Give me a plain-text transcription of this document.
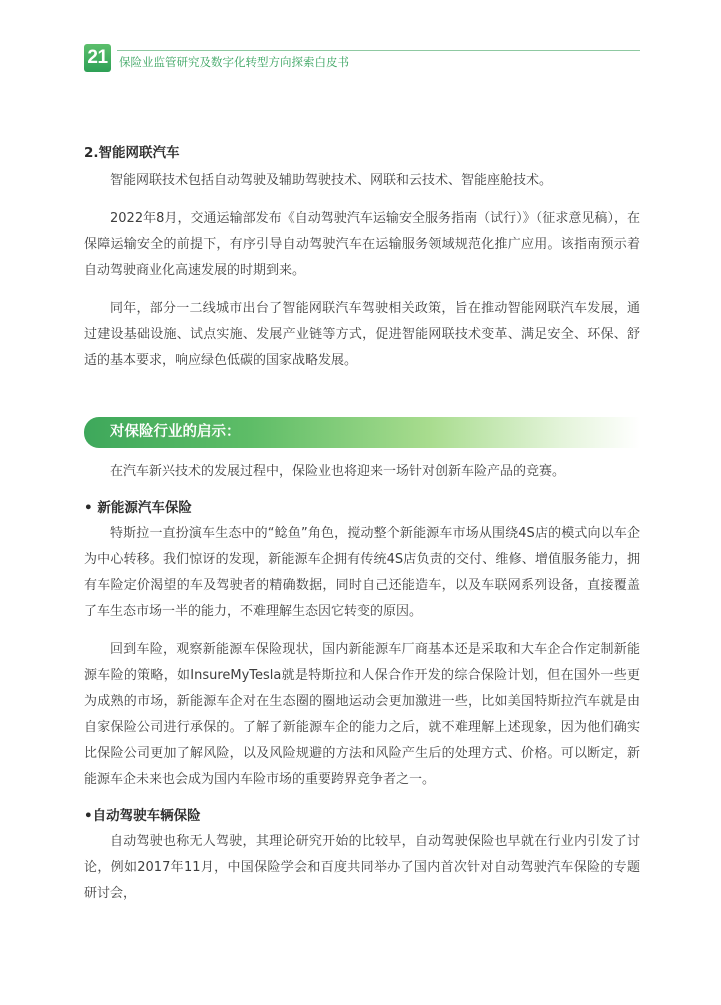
21 保险业监管研究及数字化转型方向探索白皮书
2.智能网联汽车

智能网联技术包括自动驾驶及辅助驾驶技术、网联和云技术、智能座舱技术。

2022年8月，交通运输部发布《自动驾驶汽车运输安全服务指南（试行）》（征求意见稿），在保障运输安全的前提下，有序引导自动驾驶汽车在运输服务领域规范化推广应用。该指南预示着自动驾驶商业化高速发展的时期到来。

同年，部分一二线城市出台了智能网联汽车驾驶相关政策，旨在推动智能网联汽车发展，通过建设基础设施、试点实施、发展产业链等方式，促进智能网联技术变革、满足安全、环保、舒适的基本要求，响应绿色低碳的国家战略发展。

对保险行业的启示：

在汽车新兴技术的发展过程中，保险业也将迎来一场针对创新车险产品的竞赛。

• 新能源汽车保险

特斯拉一直扮演车生态中的“鲶鱼”角色，搅动整个新能源车市场从围绕4S店的模式向以车企为中心转移。我们惊讶的发现，新能源车企拥有传统4S店负责的交付、维修、增值服务能力，拥有车险定价渴望的车及驾驶者的精确数据，同时自己还能造车，以及车联网系列设备，直接覆盖了车生态市场一半的能力，不难理解生态因它转变的原因。

回到车险，观察新能源车保险现状，国内新能源车厂商基本还是采取和大车企合作定制新能源车险的策略，如InsureMyTesla就是特斯拉和人保合作开发的综合保险计划，但在国外一些更为成熟的市场，新能源车企对在生态圈的圈地运动会更加激进一些，比如美国特斯拉汽车就是由自家保险公司进行承保的。了解了新能源车企的能力之后，就不难理解上述现象，因为他们确实比保险公司更加了解风险，以及风险规避的方法和风险产生后的处理方式、价格。可以断定，新能源车企未来也会成为国内车险市场的重要跨界竞争者之一。

•自动驾驶车辆保险

自动驾驶也称无人驾驶，其理论研究开始的比较早，自动驾驶保险也早就在行业内引发了讨论，例如2017年11月，中国保险学会和百度共同举办了国内首次针对自动驾驶汽车保险的专题研讨会，
